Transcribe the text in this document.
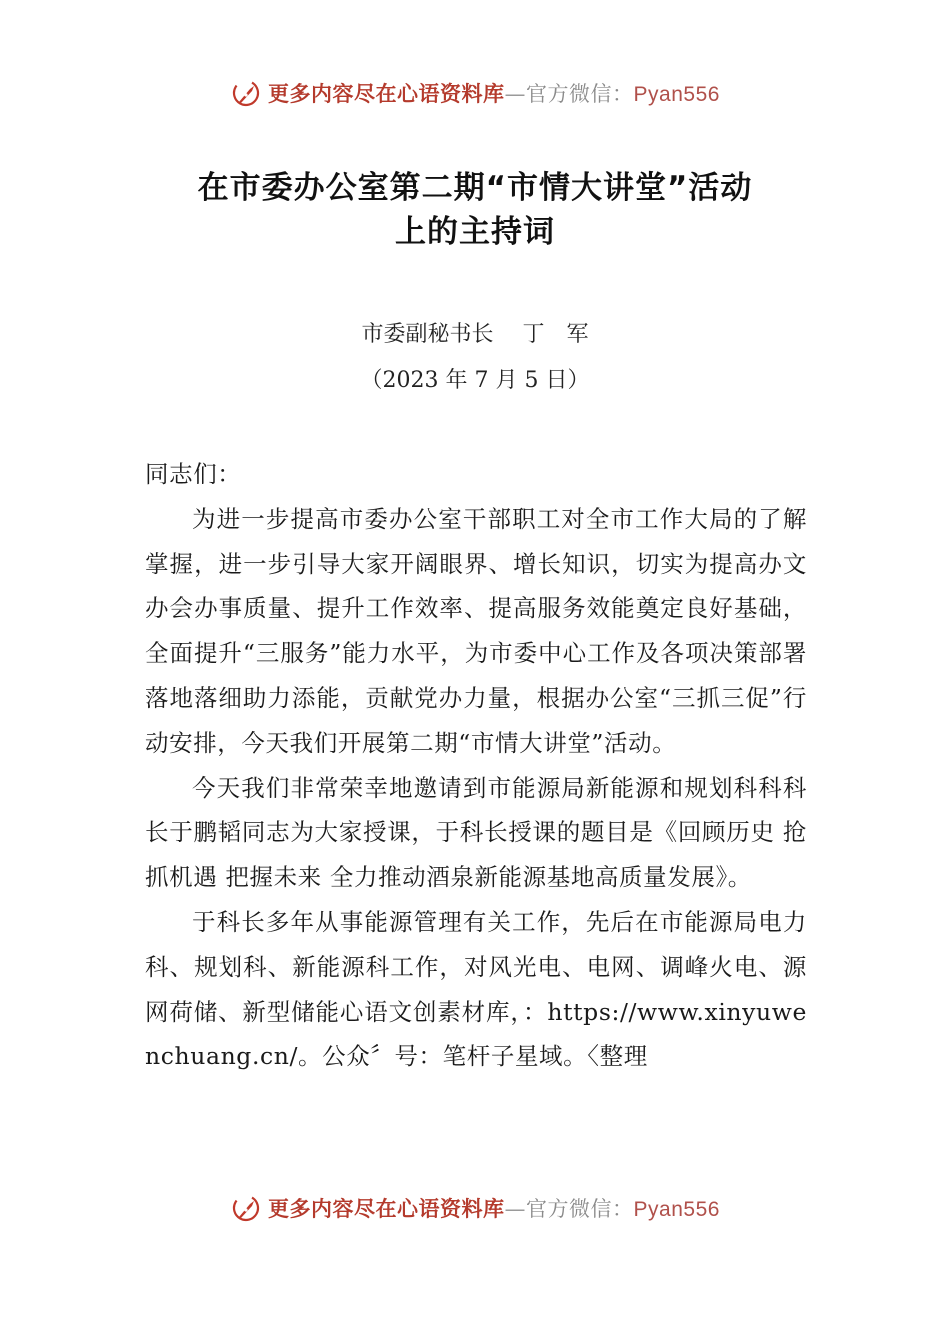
更多内容尽在心语资料库—官方微信：Pyan556
在市委办公室第二期“市情大讲堂”活动
上的主持词
市委副秘书长　 丁　军
（2023 年 7 月 5 日）

同志们：

为进一步提高市委办公室干部职工对全市工作大局的了解掌握，进一步引导大家开阔眼界、增长知识，切实为提高办文办会办事质量、提升工作效率、提高服务效能奠定良好基础，全面提升“三服务”能力水平，为市委中心工作及各项决策部署落地落细助力添能，贡献党办力量，根据办公室“三抓三促”行动安排，今天我们开展第二期“市情大讲堂”活动。

今天我们非常荣幸地邀请到市能源局新能源和规划科科科长于鹏韬同志为大家授课，于科长授课的题目是《回顾历史 抢抓机遇 把握未来 全力推动酒泉新能源基地高质量发展》。

于科长多年从事能源管理有关工作，先后在市能源局电力科、规划科、新能源科工作，对风光电、电网、调峰火电、源网荷储、新型储能心语文创素材库，：https://www.xinyuwenchuang.cn/。公众〞号：笔杆子星域。〈整理

更多内容尽在心语资料库—官方微信：Pyan556
